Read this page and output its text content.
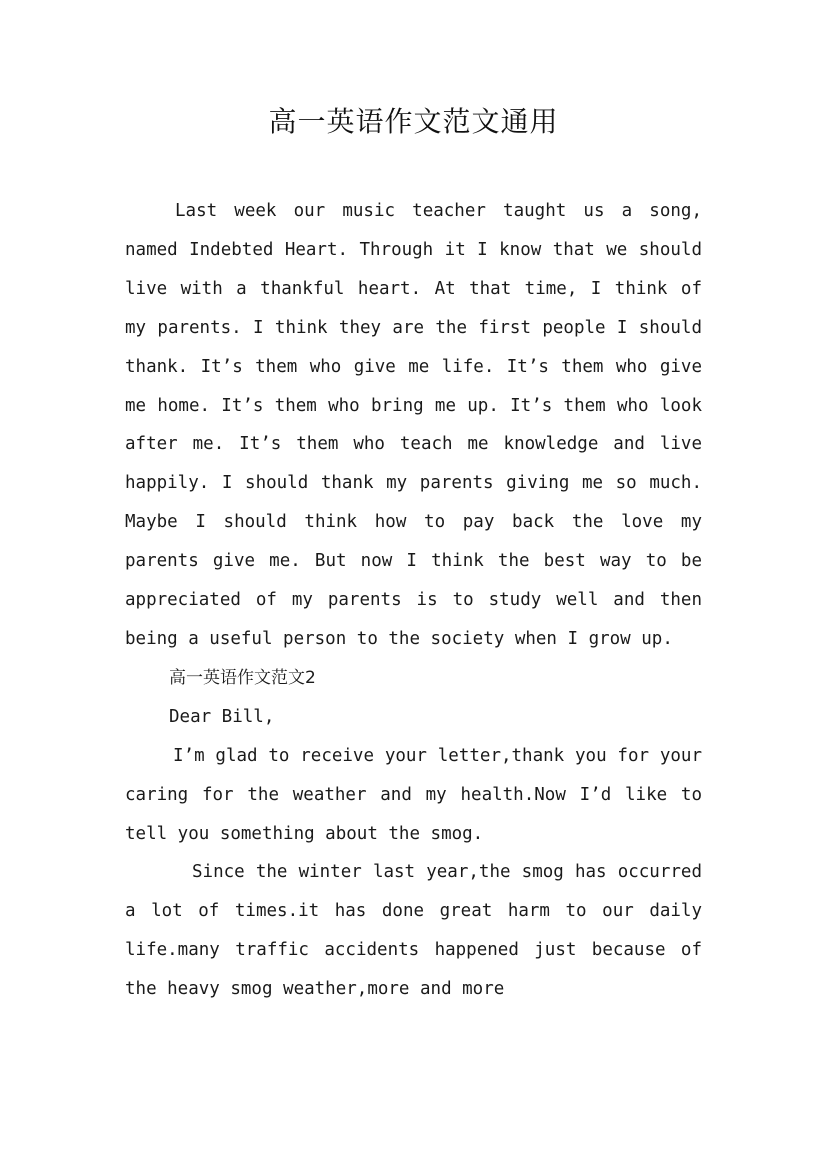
高一英语作文范文通用

Last week our music teacher taught us a song, named Indebted Heart. Through it I know that we should live with a thankful heart. At that time, I think of my parents. I think they are the first people I should thank. It’s them who give me life. It’s them who give me home. It’s them who bring me up. It’s them who look after me. It’s them who teach me knowledge and live happily. I should thank my parents giving me so much. Maybe I should think how to pay back the love my parents give me. But now I think the best way to be appreciated of my parents is to study well and then being a useful person to the society when I grow up.

高一英语作文范文2

Dear Bill,

I’m glad to receive your letter,thank you for your caring for the weather and my health.Now I’d like to tell you something about the smog.

Since the winter last year,the smog has occurred a lot of times.it has done great harm to our daily life.many traffic accidents happened just because of the heavy smog weather,more and more
